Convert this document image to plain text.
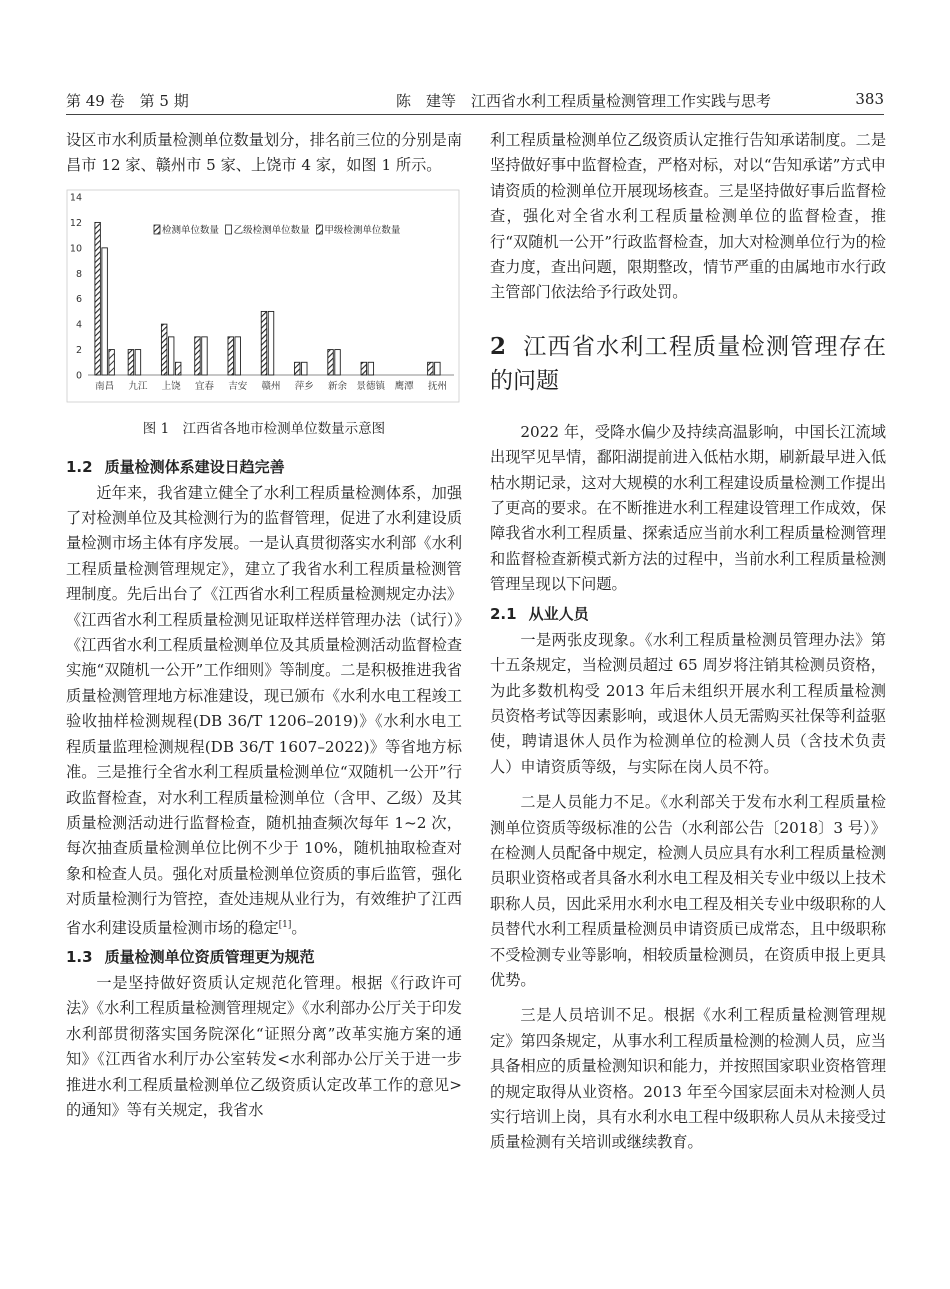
第 49 卷　第 5 期	陈　建等　江西省水利工程质量检测管理工作实践与思考	383

设区市水利质量检测单位数量划分，排名前三位的分别是南昌市 12 家、赣州市 5 家、上饶市 4 家，如图 1 所示。

0
2
4
6
8
10
12
14
南昌 九江 上饶 宜春 吉安 赣州 萍乡 新余 景德镇 鹰潭 抚州
检测单位数量 乙级检测单位数量 甲级检测单位数量
图 1　江西省各地市检测单位数量示意图
1.2 质量检测体系建设日趋完善

近年来，我省建立健全了水利工程质量检测体系，加强了对检测单位及其检测行为的监督管理，促进了水利建设质量检测市场主体有序发展。一是认真贯彻落实水利部《水利工程质量检测管理规定》，建立了我省水利工程质量检测管理制度。先后出台了《江西省水利工程质量检测规定办法》《江西省水利工程质量检测见证取样送样管理办法（试行）》《江西省水利工程质量检测单位及其质量检测活动监督检查实施“双随机一公开”工作细则》等制度。二是积极推进我省质量检测管理地方标准建设，现已颁布《水利水电工程竣工验收抽样检测规程(DB 36/T 1206–2019)》《水利水电工程质量监理检测规程(DB 36/T 1607–2022)》等省地方标准。三是推行全省水利工程质量检测单位“双随机一公开”行政监督检查，对水利工程质量检测单位（含甲、乙级）及其质量检测活动进行监督检查，随机抽查频次每年 1~2 次，每次抽查质量检测单位比例不少于 10%，随机抽取检查对象和检查人员。强化对质量检测单位资质的事后监管，强化对质量检测行为管控，查处违规从业行为，有效维护了江西省水利建设质量检测市场的稳定[1]。

1.3 质量检测单位资质管理更为规范

一是坚持做好资质认定规范化管理。根据《行政许可法》《水利工程质量检测管理规定》《水利部办公厅关于印发水利部贯彻落实国务院深化“证照分离”改革实施方案的通知》《江西省水利厅办公室转发<水利部办公厅关于进一步推进水利工程质量检测单位乙级资质认定改革工作的意见>的通知》等有关规定，我省水

利工程质量检测单位乙级资质认定推行告知承诺制度。二是坚持做好事中监督检查，严格对标，对以“告知承诺”方式申请资质的检测单位开展现场核查。三是坚持做好事后监督检查，强化对全省水利工程质量检测单位的监督检查，推行“双随机一公开”行政监督检查，加大对检测单位行为的检查力度，查出问题，限期整改，情节严重的由属地市水行政主管部门依法给予行政处罚。

2 江西省水利工程质量检测管理存在的问题

2022 年，受降水偏少及持续高温影响，中国长江流域出现罕见旱情，鄱阳湖提前进入低枯水期，刷新最早进入低枯水期记录，这对大规模的水利工程建设质量检测工作提出了更高的要求。在不断推进水利工程建设管理工作成效，保障我省水利工程质量、探索适应当前水利工程质量检测管理和监督检查新模式新方法的过程中，当前水利工程质量检测管理呈现以下问题。

2.1 从业人员

一是两张皮现象。《水利工程质量检测员管理办法》第十五条规定，当检测员超过 65 周岁将注销其检测员资格，为此多数机构受 2013 年后未组织开展水利工程质量检测员资格考试等因素影响，或退休人员无需购买社保等利益驱使，聘请退休人员作为检测单位的检测人员（含技术负责人）申请资质等级，与实际在岗人员不符。

二是人员能力不足。《水利部关于发布水利工程质量检测单位资质等级标准的公告（水利部公告〔2018〕3 号）》在检测人员配备中规定，检测人员应具有水利工程质量检测员职业资格或者具备水利水电工程及相关专业中级以上技术职称人员，因此采用水利水电工程及相关专业中级职称的人员替代水利工程质量检测员申请资质已成常态，且中级职称不受检测专业等影响，相较质量检测员，在资质申报上更具优势。

三是人员培训不足。根据《水利工程质量检测管理规定》第四条规定，从事水利工程质量检测的检测人员，应当具备相应的质量检测知识和能力，并按照国家职业资格管理的规定取得从业资格。2013 年至今国家层面未对检测人员实行培训上岗，具有水利水电工程中级职称人员从未接受过质量检测有关培训或继续教育。
